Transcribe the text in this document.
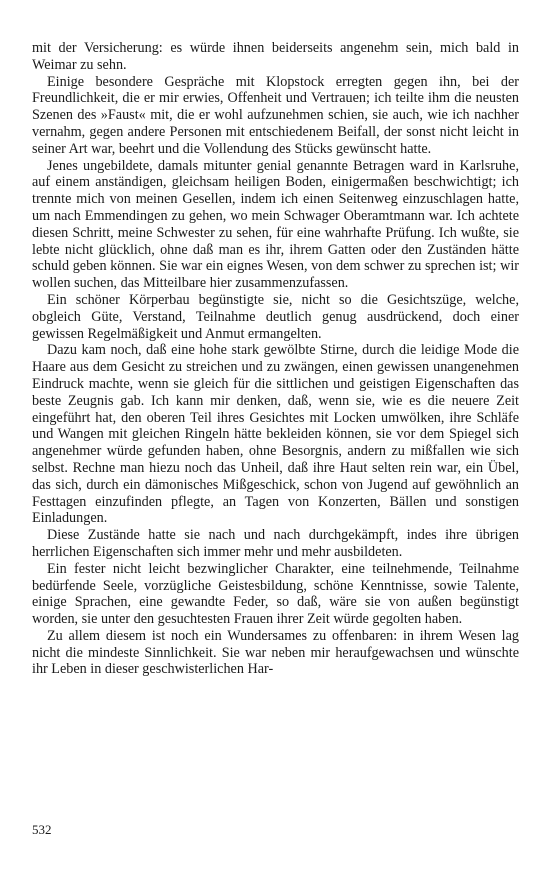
mit der Versicherung: es würde ihnen beiderseits angenehm sein, mich bald in Weimar zu sehn.

Einige besondere Gespräche mit Klopstock erregten gegen ihn, bei der Freundlichkeit, die er mir erwies, Offenheit und Vertrauen; ich teilte ihm die neusten Szenen des »Faust« mit, die er wohl aufzunehmen schien, sie auch, wie ich nachher vernahm, gegen andere Personen mit entschiedenem Beifall, der sonst nicht leicht in seiner Art war, beehrt und die Vollendung des Stücks gewünscht hatte.

Jenes ungebildete, damals mitunter genial genannte Betragen ward in Karlsruhe, auf einem anständigen, gleichsam heiligen Boden, einigermaßen beschwichtigt; ich trennte mich von meinen Gesellen, indem ich einen Seitenweg einzuschlagen hatte, um nach Emmendingen zu gehen, wo mein Schwager Oberamtmann war. Ich achtete diesen Schritt, meine Schwester zu sehen, für eine wahrhafte Prüfung. Ich wußte, sie lebte nicht glücklich, ohne daß man es ihr, ihrem Gatten oder den Zuständen hätte schuld geben können. Sie war ein eignes Wesen, von dem schwer zu sprechen ist; wir wollen suchen, das Mitteilbare hier zusammenzufassen.

Ein schöner Körperbau begünstigte sie, nicht so die Gesichtszüge, welche, obgleich Güte, Verstand, Teilnahme deutlich genug ausdrückend, doch einer gewissen Regelmäßigkeit und Anmut ermangelten.

Dazu kam noch, daß eine hohe stark gewölbte Stirne, durch die leidige Mode die Haare aus dem Gesicht zu streichen und zu zwängen, einen gewissen unangenehmen Eindruck machte, wenn sie gleich für die sittlichen und geistigen Eigenschaften das beste Zeugnis gab. Ich kann mir denken, daß, wenn sie, wie es die neuere Zeit eingeführt hat, den oberen Teil ihres Gesichtes mit Locken umwölken, ihre Schläfe und Wangen mit gleichen Ringeln hätte bekleiden können, sie vor dem Spiegel sich angenehmer würde gefunden haben, ohne Besorgnis, andern zu mißfallen wie sich selbst. Rechne man hiezu noch das Unheil, daß ihre Haut selten rein war, ein Übel, das sich, durch ein dämonisches Mißgeschick, schon von Jugend auf gewöhnlich an Festtagen einzufinden pflegte, an Tagen von Konzerten, Bällen und sonstigen Einladungen.

Diese Zustände hatte sie nach und nach durchgekämpft, indes ihre übrigen herrlichen Eigenschaften sich immer mehr und mehr ausbildeten.

Ein fester nicht leicht bezwinglicher Charakter, eine teilnehmende, Teilnahme bedürfende Seele, vorzügliche Geistesbildung, schöne Kenntnisse, sowie Talente, einige Sprachen, eine gewandte Feder, so daß, wäre sie von außen begünstigt worden, sie unter den gesuchtesten Frauen ihrer Zeit würde gegolten haben.

Zu allem diesem ist noch ein Wundersames zu offenbaren: in ihrem Wesen lag nicht die mindeste Sinnlichkeit. Sie war neben mir heraufgewachsen und wünschte ihr Leben in dieser geschwisterlichen Har-

532
